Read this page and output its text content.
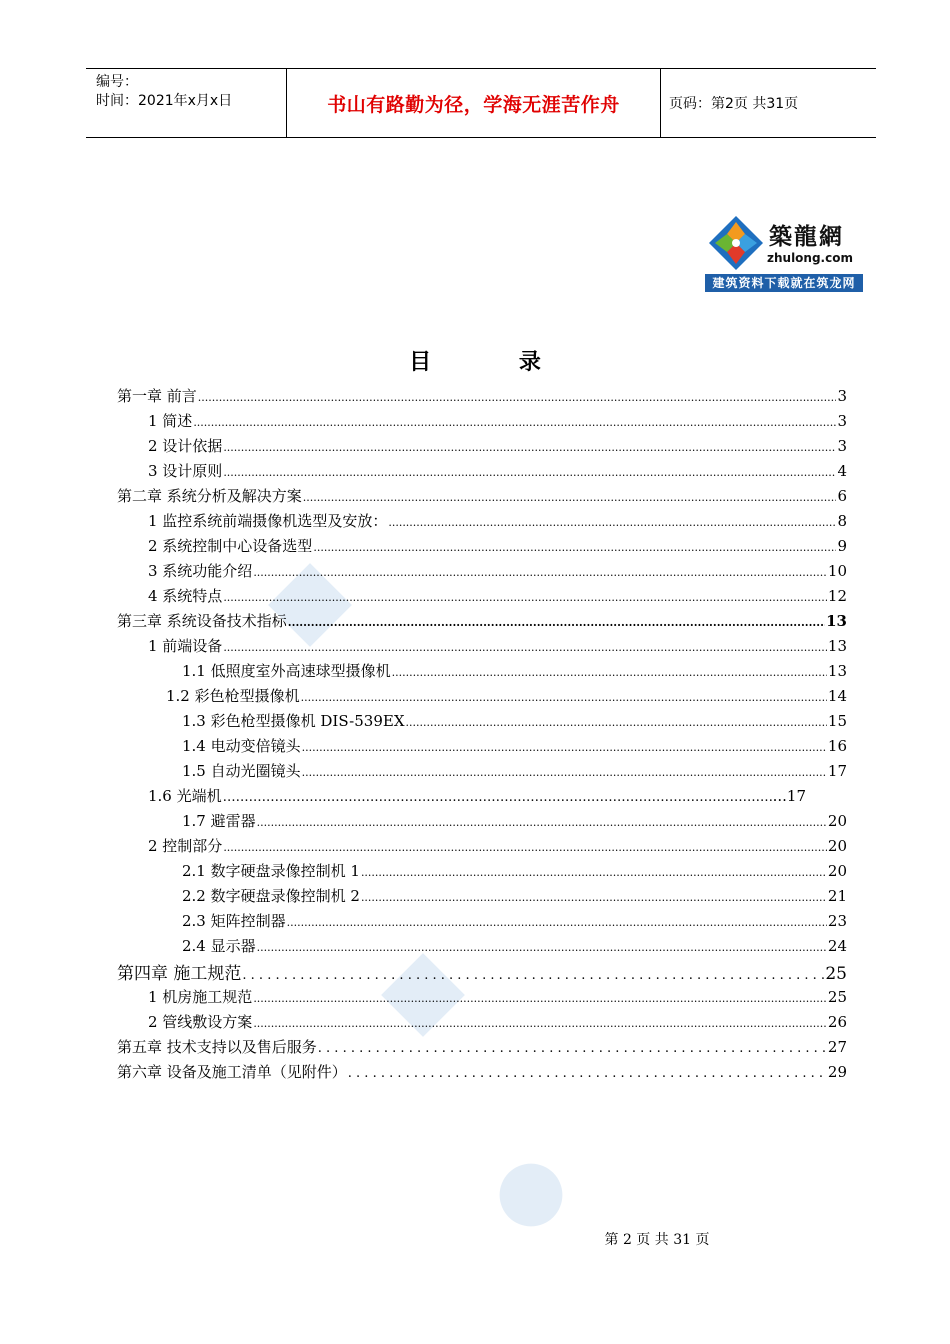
编号：
时间：2021年x月x日	书山有路勤为径，学海无涯苦作舟	页码：第2页 共31页
築龍網
zhulong.com
建筑资料下载就在筑龙网
目 录
第一章 前言 .....	3
1 简述 .....	3
2 设计依据 .....	3
3 设计原则 .....	4
第二章 系统分析及解决方案 .....	6
1 监控系统前端摄像机选型及安放： .....	8
2 系统控制中心设备选型 .....	9
3 系统功能介绍 .....	10
4 系统特点 .....	12
第三章 系统设备技术指标 .....	13
1 前端设备 .....	13
1.1 低照度室外高速球型摄像机 .....	13
1.2 彩色枪型摄像机 .....	14
1.3 彩色枪型摄像机 DIS-539EX .....	15
1.4 电动变倍镜头 .....	16
1.5 自动光圈镜头 .....	17
1.6 光端机 ……………………………………………………………………………………………………………………	...17
1.7 避雷器 .....	20
2 控制部分 .....	20
2.1 数字硬盘录像控制机 1 .....	20
2.2 数字硬盘录像控制机 2 .....	21
2.3 矩阵控制器 .....	23
2.4 显示器 .....	24
第四章 施工规范 . . .	25
1 机房施工规范 .....	25
2 管线敷设方案 .....	26
第五章 技术支持以及售后服务 . . .	27
第六章 设备及施工清单（见附件） . . .	29
第 2 页 共 31 页
